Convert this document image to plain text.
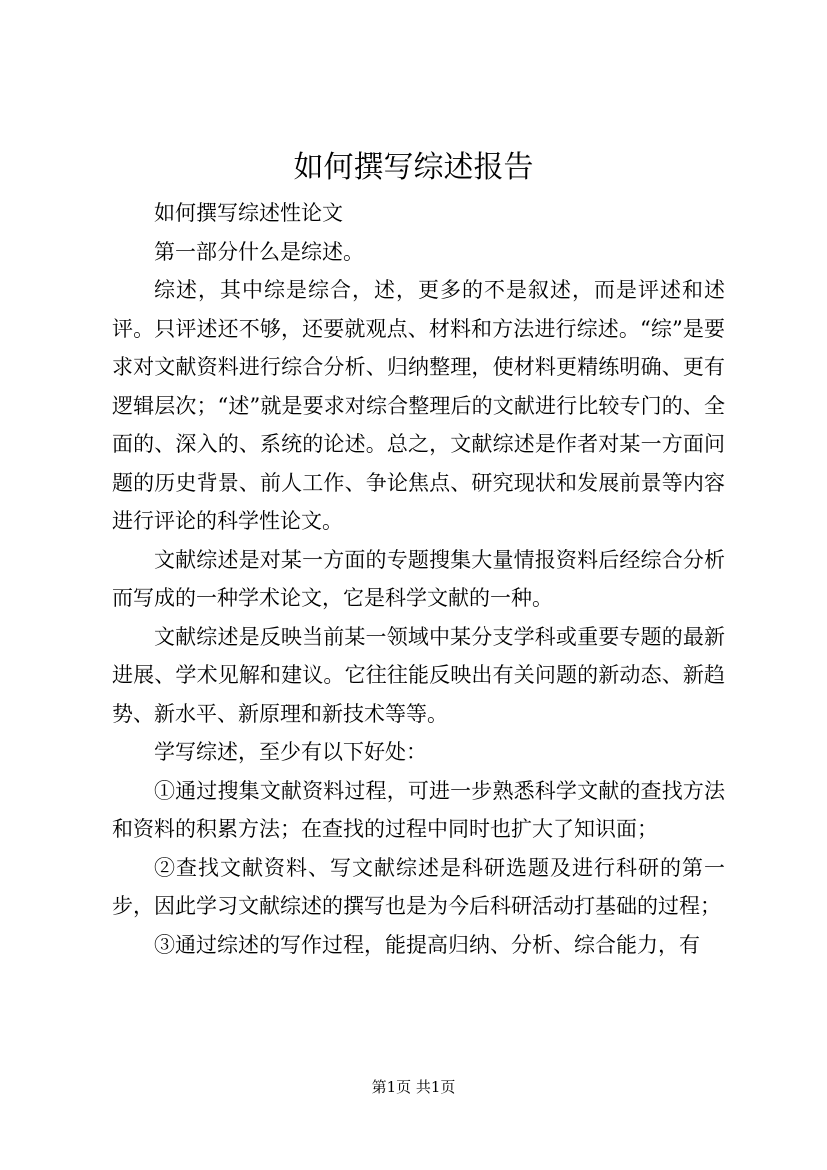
如何撰写综述报告

如何撰写综述性论文

第一部分什么是综述。

综述，其中综是综合，述，更多的不是叙述，而是评述和述评。只评述还不够，还要就观点、材料和方法进行综述。“综”是要求对文献资料进行综合分析、归纳整理，使材料更精练明确、更有逻辑层次；“述”就是要求对综合整理后的文献进行比较专门的、全面的、深入的、系统的论述。总之，文献综述是作者对某一方面问题的历史背景、前人工作、争论焦点、研究现状和发展前景等内容进行评论的科学性论文。

文献综述是对某一方面的专题搜集大量情报资料后经综合分析而写成的一种学术论文，它是科学文献的一种。

文献综述是反映当前某一领域中某分支学科或重要专题的最新进展、学术见解和建议。它往往能反映出有关问题的新动态、新趋势、新水平、新原理和新技术等等。

学写综述，至少有以下好处：

①通过搜集文献资料过程，可进一步熟悉科学文献的查找方法和资料的积累方法；在查找的过程中同时也扩大了知识面；

②查找文献资料、写文献综述是科研选题及进行科研的第一步，因此学习文献综述的撰写也是为今后科研活动打基础的过程；

③通过综述的写作过程，能提高归纳、分析、综合能力，有

第1页 共1页
